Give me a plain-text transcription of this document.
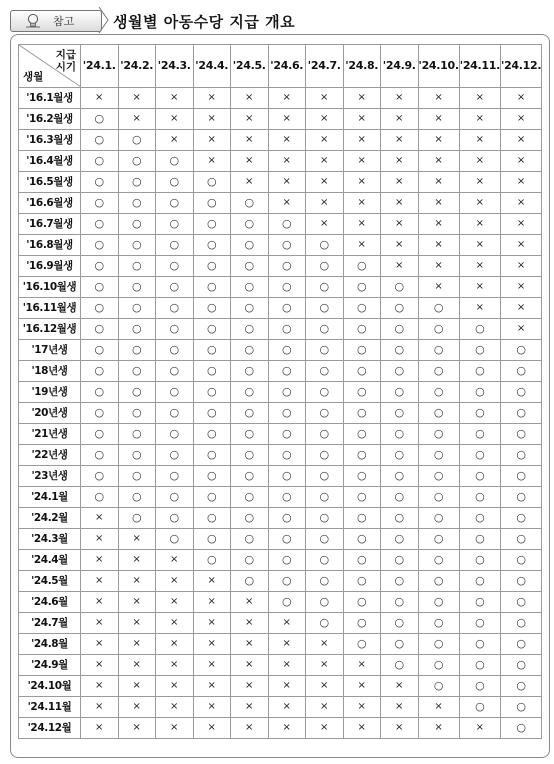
참고	생월별 아동수당 지급 개요
지급
시기
생월	'24.1.	'24.2.	'24.3.	'24.4.	'24.5.	'24.6.	'24.7.	'24.8.	'24.9.	'24.10.	'24.11.	'24.12.
'16.1월생	×	×	×	×	×	×	×	×	×	×	×	×
'16.2월생	○	×	×	×	×	×	×	×	×	×	×	×
'16.3월생	○	○	×	×	×	×	×	×	×	×	×	×
'16.4월생	○	○	○	×	×	×	×	×	×	×	×	×
'16.5월생	○	○	○	○	×	×	×	×	×	×	×	×
'16.6월생	○	○	○	○	○	×	×	×	×	×	×	×
'16.7월생	○	○	○	○	○	○	×	×	×	×	×	×
'16.8월생	○	○	○	○	○	○	○	×	×	×	×	×
'16.9월생	○	○	○	○	○	○	○	○	×	×	×	×
'16.10월생	○	○	○	○	○	○	○	○	○	×	×	×
'16.11월생	○	○	○	○	○	○	○	○	○	○	×	×
'16.12월생	○	○	○	○	○	○	○	○	○	○	○	×
'17년생	○	○	○	○	○	○	○	○	○	○	○	○
'18년생	○	○	○	○	○	○	○	○	○	○	○	○
'19년생	○	○	○	○	○	○	○	○	○	○	○	○
'20년생	○	○	○	○	○	○	○	○	○	○	○	○
'21년생	○	○	○	○	○	○	○	○	○	○	○	○
'22년생	○	○	○	○	○	○	○	○	○	○	○	○
'23년생	○	○	○	○	○	○	○	○	○	○	○	○
'24.1월	○	○	○	○	○	○	○	○	○	○	○	○
'24.2월	×	○	○	○	○	○	○	○	○	○	○	○
'24.3월	×	×	○	○	○	○	○	○	○	○	○	○
'24.4월	×	×	×	○	○	○	○	○	○	○	○	○
'24.5월	×	×	×	×	○	○	○	○	○	○	○	○
'24.6월	×	×	×	×	×	○	○	○	○	○	○	○
'24.7월	×	×	×	×	×	×	○	○	○	○	○	○
'24.8월	×	×	×	×	×	×	×	○	○	○	○	○
'24.9월	×	×	×	×	×	×	×	×	○	○	○	○
'24.10월	×	×	×	×	×	×	×	×	×	○	○	○
'24.11월	×	×	×	×	×	×	×	×	×	×	○	○
'24.12월	×	×	×	×	×	×	×	×	×	×	×	○
